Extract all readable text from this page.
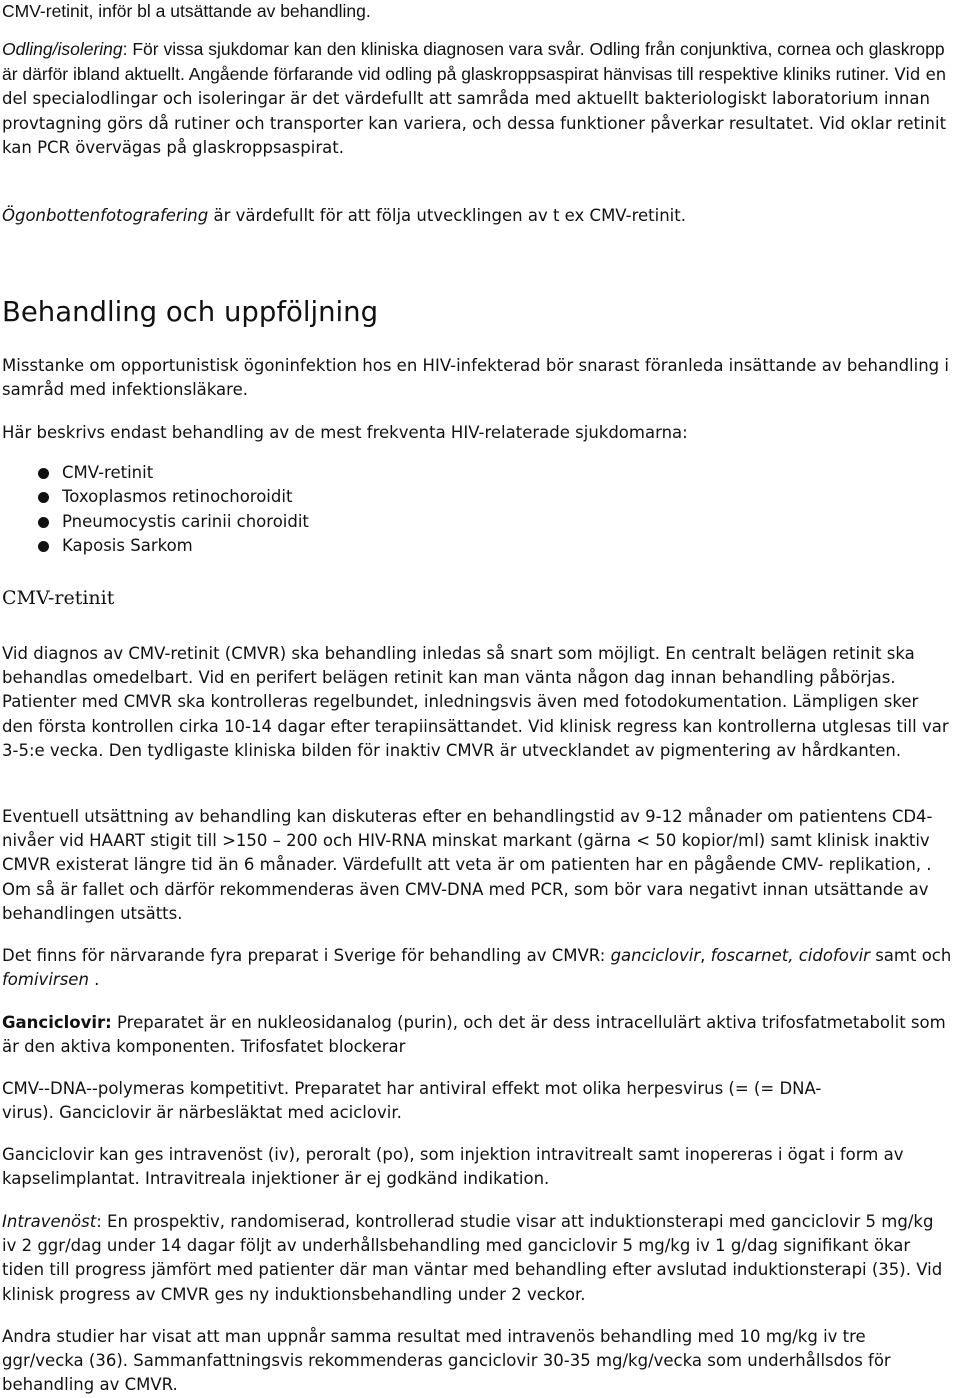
CMV-retinit, inför bl a utsättande av behandling.

Odling/isolering: För vissa sjukdomar kan den kliniska diagnosen vara svår. Odling från conjunktiva, cornea och glaskropp är därför ibland aktuellt. Angående förfarande vid odling på glaskroppsaspirat hänvisas till respektive kliniks rutiner. Vid en del specialodlingar och isoleringar är det värdefullt att samråda med aktuellt bakteriologiskt laboratorium innan provtagning görs då rutiner och transporter kan variera, och dessa funktioner påverkar resultatet. Vid oklar retinit kan PCR övervägas på glaskroppsaspirat.

Ögonbottenfotografering är värdefullt för att följa utvecklingen av t ex CMV-retinit.

Behandling och uppföljning

Misstanke om opportunistisk ögoninfektion hos en HIV-infekterad bör snarast föranleda insättande av behandling i samråd med infektionsläkare.

Här beskrivs endast behandling av de mest frekventa HIV-relaterade sjukdomarna:

CMV-retinit
Toxoplasmos retinochoroidit
Pneumocystis carinii choroidit
Kaposis Sarkom
CMV-retinit

Vid diagnos av CMV-retinit (CMVR) ska behandling inledas så snart som möjligt. En centralt belägen retinit ska behandlas omedelbart. Vid en perifert belägen retinit kan man vänta någon dag innan behandling påbörjas. Patienter med CMVR ska kontrolleras regelbundet, inledningsvis även med fotodokumentation. Lämpligen sker den första kontrollen cirka 10-14 dagar efter terapiinsättandet. Vid klinisk regress kan kontrollerna utglesas till var 3-5:e vecka. Den tydligaste kliniska bilden för inaktiv CMVR är utvecklandet av pigmentering av hårdkanten.

Eventuell utsättning av behandling kan diskuteras efter en behandlingstid av 9-12 månader om patientens CD4-nivåer vid HAART stigit till >150 – 200 och HIV-RNA minskat markant (gärna < 50 kopior/ml) samt klinisk inaktiv CMVR existerat längre tid än 6 månader. Värdefullt att veta är om patienten har en pågående CMV- replikation, . Om så är fallet och därför rekommenderas även CMV-DNA med PCR, som bör vara negativt innan utsättande av behandlingen utsätts.

Det finns för närvarande fyra preparat i Sverige för behandling av CMVR: ganciclovir, foscarnet, cidofovir samt och fomivirsen .

Ganciclovir: Preparatet är en nukleosidanalog (purin), och det är dess intracellulärt aktiva trifosfatmetabolit som är den aktiva komponenten. Trifosfatet blockerar

CMV--DNA--polymeras kompetitivt. Preparatet har antiviral effekt mot olika herpesvirus (= (= DNA-virus). Ganciclovir är närbesläktat med aciclovir.

Ganciclovir kan ges intravenöst (iv), peroralt (po), som injektion intravitrealt samt inopereras i ögat i form av kapselimplantat. Intravitreala injektioner är ej godkänd indikation.

Intravenöst: En prospektiv, randomiserad, kontrollerad studie visar att induktionsterapi med ganciclovir 5 mg/kg iv 2 ggr/dag under 14 dagar följt av underhållsbehandling med ganciclovir 5 mg/kg iv 1 g/dag signifikant ökar tiden till progress jämfört med patienter där man väntar med behandling efter avslutad induktionsterapi (35). Vid klinisk progress av CMVR ges ny induktionsbehandling under 2 veckor.

Andra studier har visat att man uppnår samma resultat med intravenös behandling med 10 mg/kg iv tre ggr/vecka (36). Sammanfattningsvis rekommenderas ganciclovir 30-35 mg/kg/vecka som underhållsdos för behandling av CMVR.
